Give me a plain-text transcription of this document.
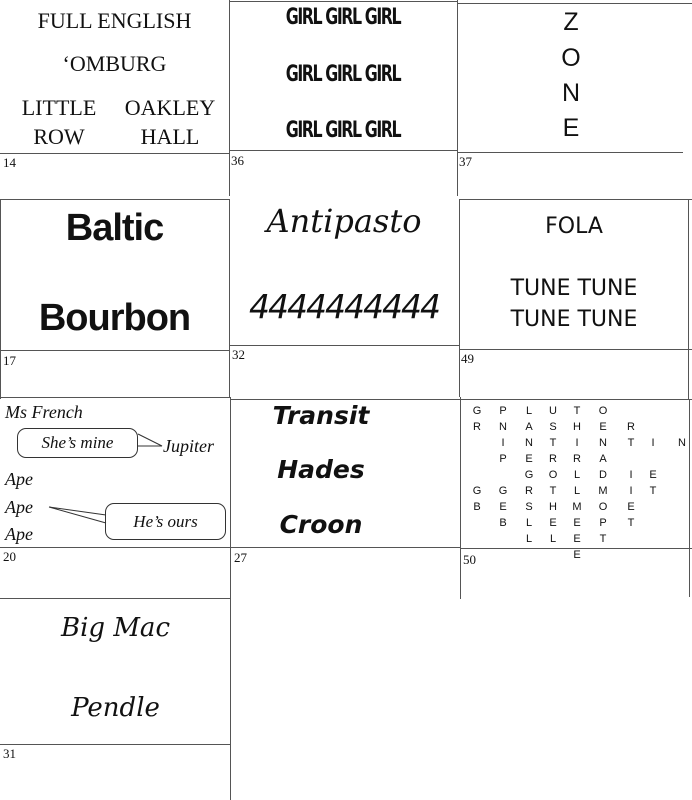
FULL ENGLISH
‘OMBURG
LITTLE
ROW
OAKLEY
HALL
14
GIRL GIRL GIRL
GIRL GIRL GIRL
GIRL GIRL GIRL
36
Z
O
N
E
37
Baltic
Bourbon
17
Antipasto
4444444444
32
FOLA
TUNE TUNE
TUNE TUNE
49
Ms French
She’s mine	Jupiter
Ape
Ape
Ape
He’s ours
20
Transit
Hades
Croon
27
G
R
G
B
P
N
I
P
G
E
B
L
A
N
E
G
R
S
L
L
U
S
T
R
O
T
H
E
L
T
H
I
R
L
L
M
E
E
E
O
E
N
A
D
M
O
P
T
R
T
I
I
E
T
I
E
T
N
50
Big Mac
Pendle
31
